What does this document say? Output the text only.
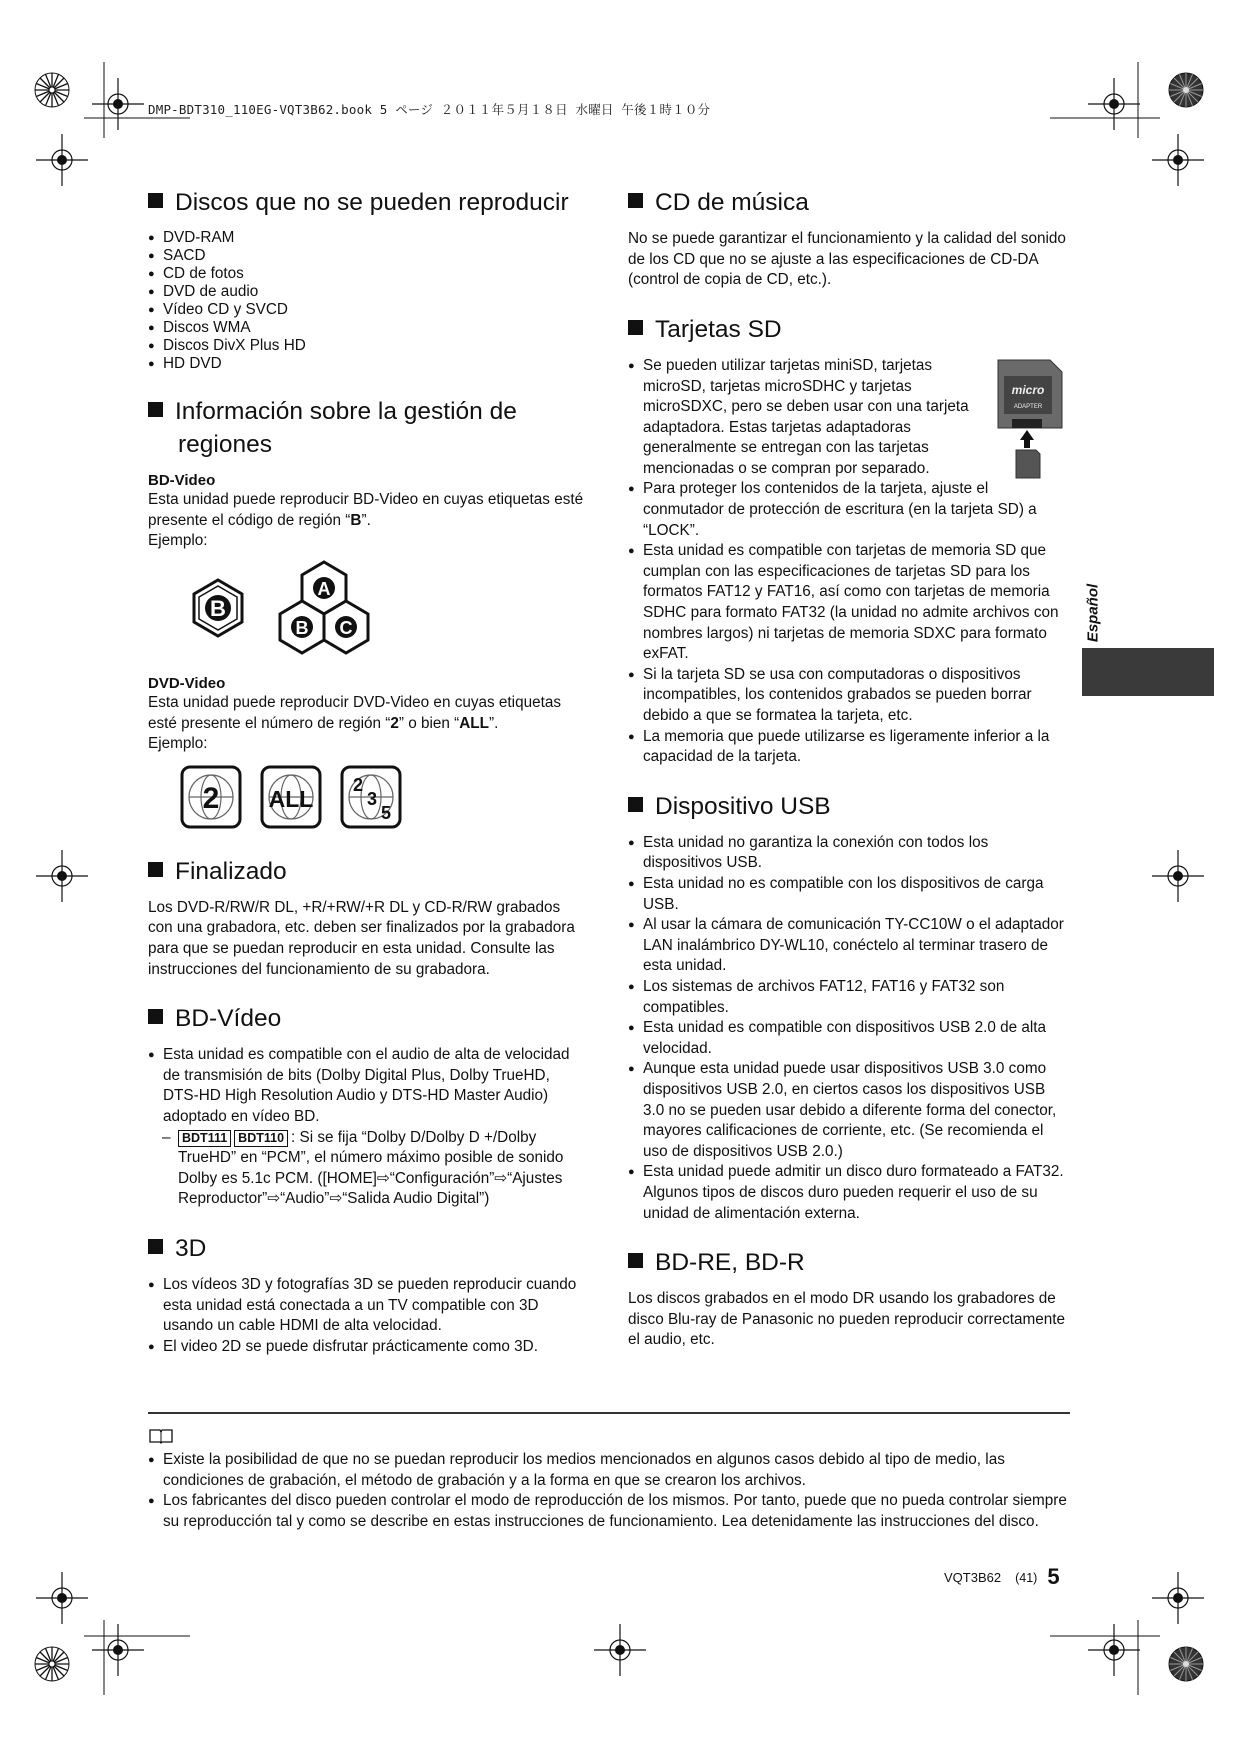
DMP-BDT310_110EG-VQT3B62.book 5 ページ ２０１１年５月１８日 水曜日 午後１時１０分
Español
Discos que no se pueden reproducir
● DVD-RAM
● SACD
● CD de fotos
● DVD de audio
● Vídeo CD y SVCD
● Discos WMA
● Discos DivX Plus HD
● HD DVD
Información sobre la gestión de
regiones
BD-Video

Esta unidad puede reproducir BD-Video en cuyas etiquetas esté presente el código de región “B”.

Ejemplo:

B
A
B C
DVD-Video

Esta unidad puede reproducir DVD-Video en cuyas etiquetas esté presente el número de región “2” o bien “ALL”.

Ejemplo:

2 ALL
2
3
5
Finalizado

Los DVD-R/RW/R DL, +R/+RW/+R DL y CD-R/RW grabados con una grabadora, etc. deben ser finalizados por la grabadora para que se puedan reproducir en esta unidad. Consulte las instrucciones del funcionamiento de su grabadora.

BD-Vídeo
● Esta unidad es compatible con el audio de alta de velocidad de transmisión de bits (Dolby Digital Plus, Dolby TrueHD, DTS-HD High Resolution Audio y DTS-HD Master Audio) adoptado en vídeo BD.
– BDT111 BDT110 : Si se fija “Dolby D/Dolby D +/Dolby TrueHD” en “PCM”, el número máximo posible de sonido Dolby es 5.1c PCM. ([HOME]⇨“Configuración”⇨“Ajustes Reproductor”⇨“Audio”⇨“Salida Audio Digital”)
3D
● Los vídeos 3D y fotografías 3D se pueden reproducir cuando esta unidad está conectada a un TV compatible con 3D usando un cable HDMI de alta velocidad.
● El video 2D se puede disfrutar prácticamente como 3D.
CD de música

No se puede garantizar el funcionamiento y la calidad del sonido de los CD que no se ajuste a las especificaciones de CD-DA (control de copia de CD, etc.).

Tarjetas SD
micro
ADAPTER
● Se pueden utilizar tarjetas miniSD, tarjetas microSD, tarjetas microSDHC y tarjetas microSDXC, pero se deben usar con una tarjeta adaptadora. Estas tarjetas adaptadoras generalmente se entregan con las tarjetas mencionadas o se compran por separado.
● Para proteger los contenidos de la tarjeta, ajuste el conmutador de protección de escritura (en la tarjeta SD) a “LOCK”.
● Esta unidad es compatible con tarjetas de memoria SD que cumplan con las especificaciones de tarjetas SD para los formatos FAT12 y FAT16, así como con tarjetas de memoria SDHC para formato FAT32 (la unidad no admite archivos con nombres largos) ni tarjetas de memoria SDXC para formato exFAT.
● Si la tarjeta SD se usa con computadoras o dispositivos incompatibles, los contenidos grabados se pueden borrar debido a que se formatea la tarjeta, etc.
● La memoria que puede utilizarse es ligeramente inferior a la capacidad de la tarjeta.
Dispositivo USB
● Esta unidad no garantiza la conexión con todos los dispositivos USB.
● Esta unidad no es compatible con los dispositivos de carga USB.
● Al usar la cámara de comunicación TY-CC10W o el adaptador LAN inalámbrico DY-WL10, conéctelo al terminar trasero de esta unidad.
● Los sistemas de archivos FAT12, FAT16 y FAT32 son compatibles.
● Esta unidad es compatible con dispositivos USB 2.0 de alta velocidad.
● Aunque esta unidad puede usar dispositivos USB 3.0 como dispositivos USB 2.0, en ciertos casos los dispositivos USB 3.0 no se pueden usar debido a diferente forma del conector, mayores calificaciones de corriente, etc. (Se recomienda el uso de dispositivos USB 2.0.)
● Esta unidad puede admitir un disco duro formateado a FAT32.
Algunos tipos de discos duro pueden requerir el uso de su unidad de alimentación externa.
BD-RE, BD-R

Los discos grabados en el modo DR usando los grabadores de disco Blu-ray de Panasonic no pueden reproducir correctamente el audio, etc.

● Existe la posibilidad de que no se puedan reproducir los medios mencionados en algunos casos debido al tipo de medio, las condiciones de grabación, el método de grabación y a la forma en que se crearon los archivos.
● Los fabricantes del disco pueden controlar el modo de reproducción de los mismos. Por tanto, puede que no pueda controlar siempre su reproducción tal y como se describe en estas instrucciones de funcionamiento. Lea detenidamente las instrucciones del disco.
VQT3B62 (41) 5
